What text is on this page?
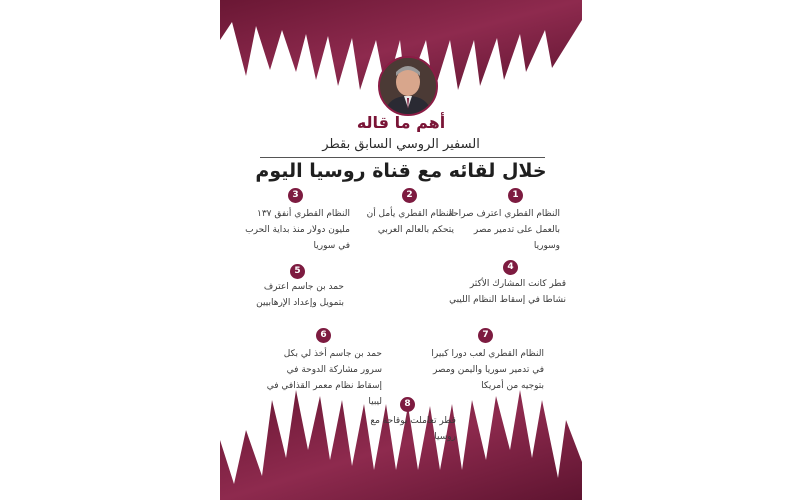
أهم ما قاله
السفير الروسي السابق بقطر
خلال لقائه مع قناة روسيا اليوم
1
النظام القطري اعترف صراحة بالعمل على تدمير مصر وسوريا
2
النظام القطري يأمل أن يتحكم بالعالم العربي
3
النظام القطري أنفق ١٣٧ مليون دولار منذ بداية الحرب في سوريا
4
قطر كانت المشارك الأكثر نشاطا في إسقاط النظام الليبي
5
حمد بن جاسم اعترف بتمويل وإعداد الإرهابيين
6
حمد بن جاسم أخذ لي بكل سرور مشاركة الدوحة في إسقاط نظام معمر القذافي في ليبيا
7
النظام القطري لعب دورا كبيرا في تدمير سوريا واليمن ومصر بتوجيه من أمريكا
8
قطر تعاملت بوقاحة مع روسيا
